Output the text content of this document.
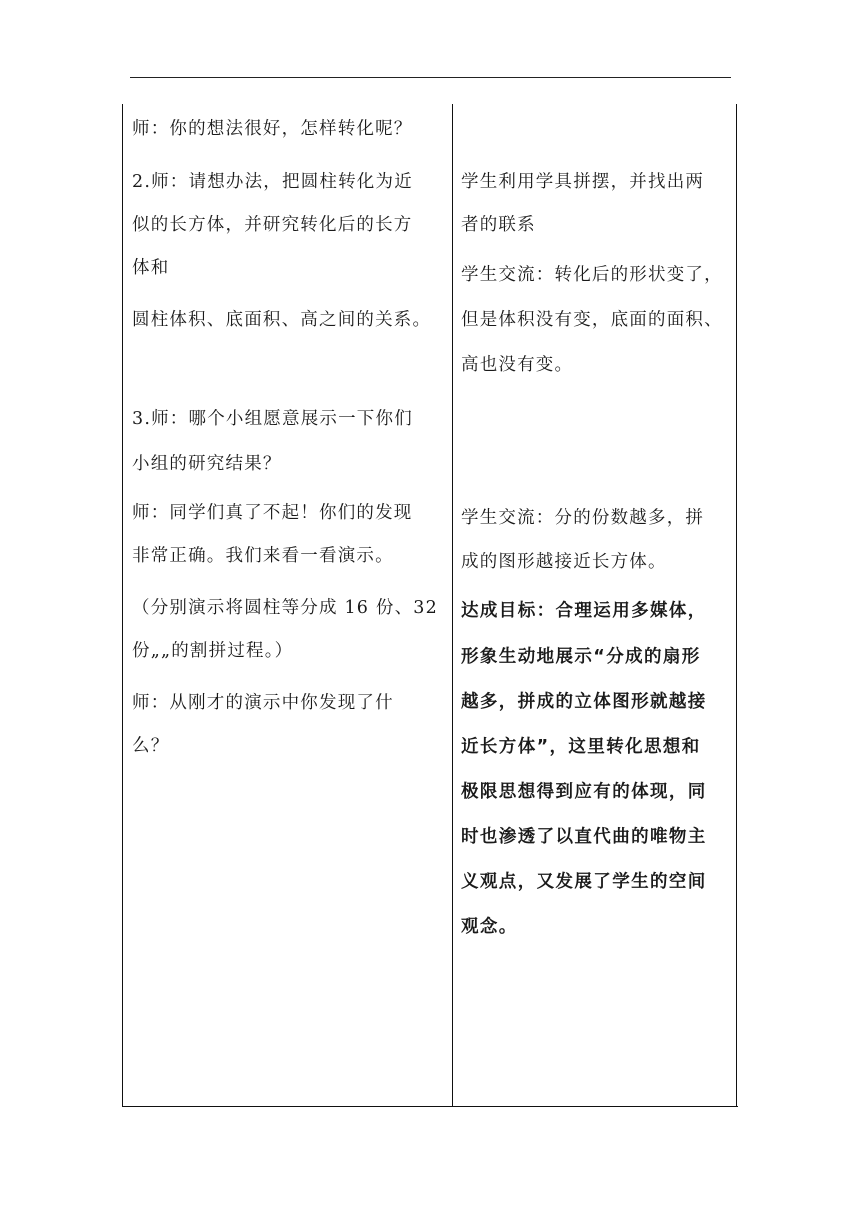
师：你的想法很好，怎样转化呢？
2.师：请想办法，把圆柱转化为近
似的长方体，并研究转化后的长方
体和
圆柱体积、底面积、高之间的关系。
3.师：哪个小组愿意展示一下你们
小组的研究结果？
师：同学们真了不起！你们的发现
非常正确。我们来看一看演示。
（分别演示将圆柱等分成 16 份、32
份„„的割拼过程。）
师：从刚才的演示中你发现了什
么？
学生利用学具拼摆，并找出两
者的联系
学生交流：转化后的形状变了，
但是体积没有变，底面的面积、
高也没有变。
学生交流：分的份数越多，拼
成的图形越接近长方体。
达成目标：合理运用多媒体，
形象生动地展示“分成的扇形
越多，拼成的立体图形就越接
近长方体”，这里转化思想和
极限思想得到应有的体现，同
时也渗透了以直代曲的唯物主
义观点，又发展了学生的空间
观念。
